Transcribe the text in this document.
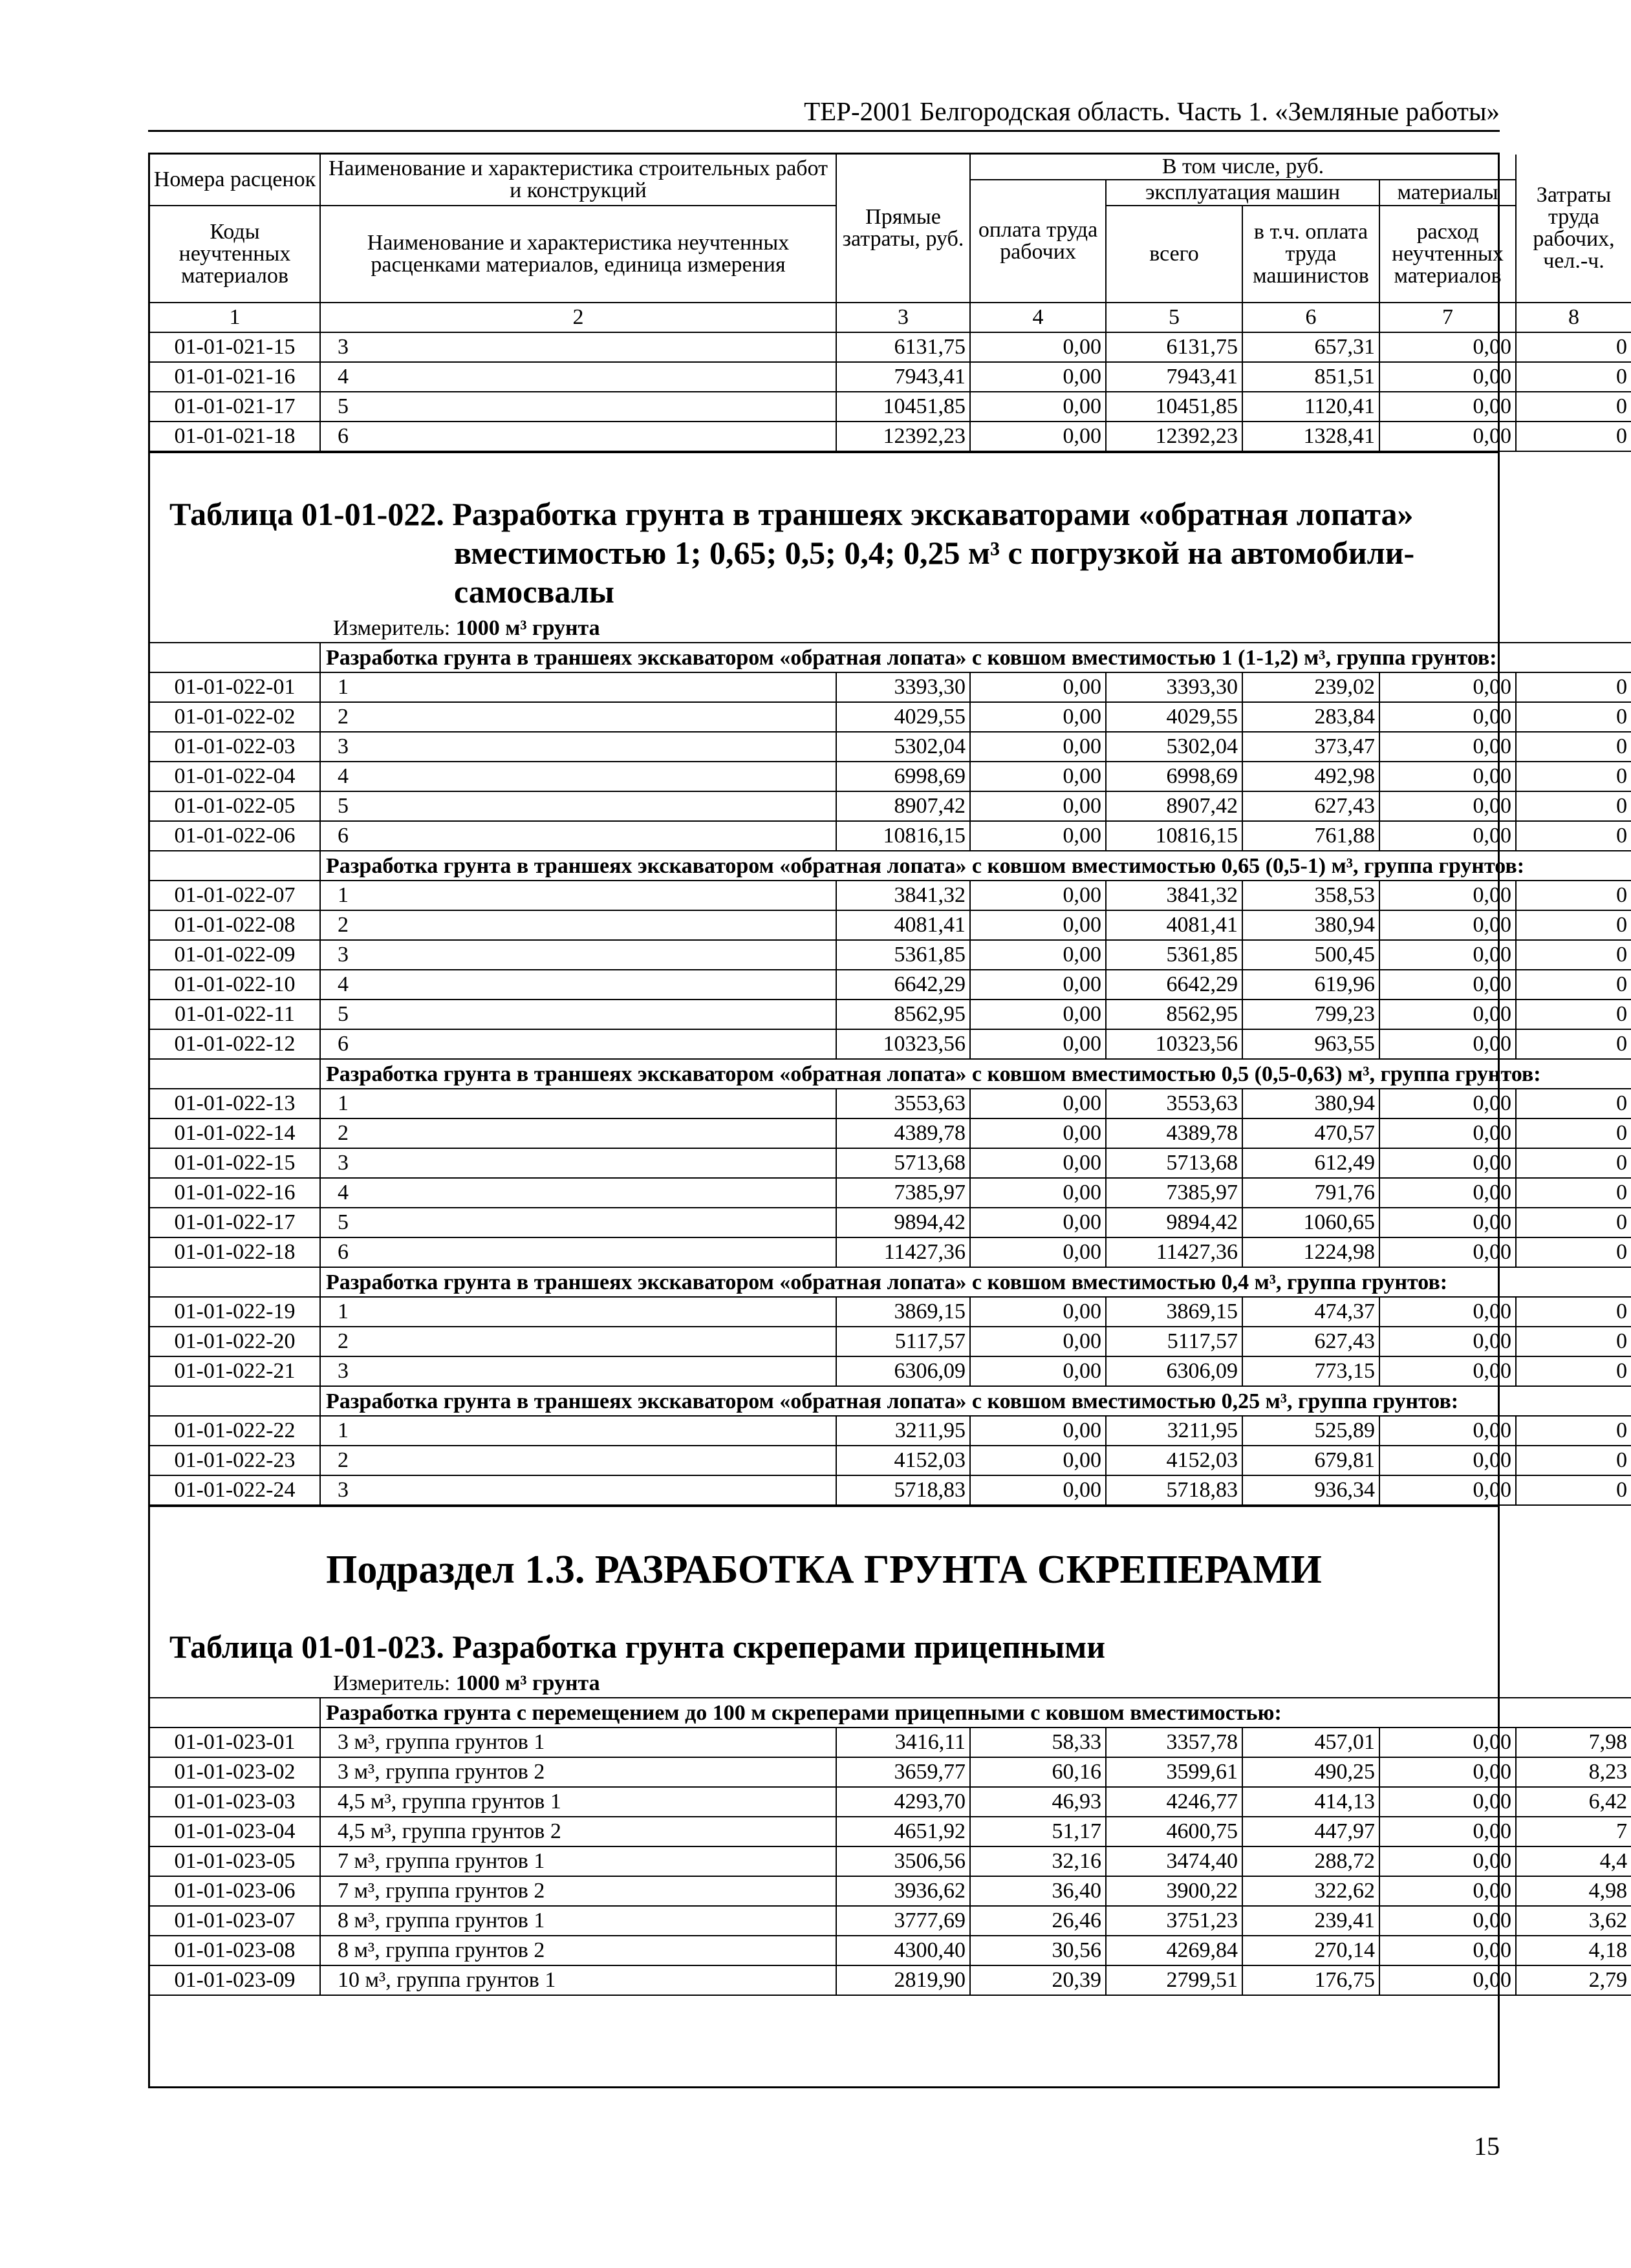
ТЕР-2001 Белгородская область. Часть 1. «Земляные работы»
Номера расценок	Наименование и характеристика строительных работ и конструкций	Прямые затраты, руб.	В том числе, руб.				Затраты труда рабочих, чел.-ч.
			оплата труда рабочих	эксплуатация машин		материалы	
Коды неучтенных материалов	Наименование и характеристика неучтенных расценками материалов, единица измерения			всего	в т.ч. оплата труда машинистов	расход неучтенных материалов	
1	2	3	4	5	6	7	8
01-01-021-15	3	6131,75	0,00	6131,75	657,31	0,00	0
01-01-021-16	4	7943,41	0,00	7943,41	851,51	0,00	0
01-01-021-17	5	10451,85	0,00	10451,85	1120,41	0,00	0
01-01-021-18	6	12392,23	0,00	12392,23	1328,41	0,00	0
Таблица 01-01-022. Разработка грунта в траншеях экскаваторами «обратная лопата»
вместимостью 1; 0,65; 0,5; 0,4; 0,25 м³ с погрузкой на автомобили-
самосвалы
Измеритель: 1000 м³ грунта
	Разработка грунта в траншеях экскаватором «обратная лопата» с ковшом вместимостью 1 (1-1,2) м³, группа грунтов:						
01-01-022-01	1	3393,30	0,00	3393,30	239,02	0,00	0
01-01-022-02	2	4029,55	0,00	4029,55	283,84	0,00	0
01-01-022-03	3	5302,04	0,00	5302,04	373,47	0,00	0
01-01-022-04	4	6998,69	0,00	6998,69	492,98	0,00	0
01-01-022-05	5	8907,42	0,00	8907,42	627,43	0,00	0
01-01-022-06	6	10816,15	0,00	10816,15	761,88	0,00	0
	Разработка грунта в траншеях экскаватором «обратная лопата» с ковшом вместимостью 0,65 (0,5-1) м³, группа грунтов:						
01-01-022-07	1	3841,32	0,00	3841,32	358,53	0,00	0
01-01-022-08	2	4081,41	0,00	4081,41	380,94	0,00	0
01-01-022-09	3	5361,85	0,00	5361,85	500,45	0,00	0
01-01-022-10	4	6642,29	0,00	6642,29	619,96	0,00	0
01-01-022-11	5	8562,95	0,00	8562,95	799,23	0,00	0
01-01-022-12	6	10323,56	0,00	10323,56	963,55	0,00	0
	Разработка грунта в траншеях экскаватором «обратная лопата» с ковшом вместимостью 0,5 (0,5-0,63) м³, группа грунтов:						
01-01-022-13	1	3553,63	0,00	3553,63	380,94	0,00	0
01-01-022-14	2	4389,78	0,00	4389,78	470,57	0,00	0
01-01-022-15	3	5713,68	0,00	5713,68	612,49	0,00	0
01-01-022-16	4	7385,97	0,00	7385,97	791,76	0,00	0
01-01-022-17	5	9894,42	0,00	9894,42	1060,65	0,00	0
01-01-022-18	6	11427,36	0,00	11427,36	1224,98	0,00	0
	Разработка грунта в траншеях экскаватором «обратная лопата» с ковшом вместимостью 0,4 м³, группа грунтов:						
01-01-022-19	1	3869,15	0,00	3869,15	474,37	0,00	0
01-01-022-20	2	5117,57	0,00	5117,57	627,43	0,00	0
01-01-022-21	3	6306,09	0,00	6306,09	773,15	0,00	0
	Разработка грунта в траншеях экскаватором «обратная лопата» с ковшом вместимостью 0,25 м³, группа грунтов:						
01-01-022-22	1	3211,95	0,00	3211,95	525,89	0,00	0
01-01-022-23	2	4152,03	0,00	4152,03	679,81	0,00	0
01-01-022-24	3	5718,83	0,00	5718,83	936,34	0,00	0
Подраздел 1.3. РАЗРАБОТКА ГРУНТА СКРЕПЕРАМИ
Таблица 01-01-023. Разработка грунта скреперами прицепными
Измеритель: 1000 м³ грунта
	Разработка грунта с перемещением до 100 м скреперами прицепными с ковшом вместимостью:						
01-01-023-01	3 м³, группа грунтов 1	3416,11	58,33	3357,78	457,01	0,00	7,98
01-01-023-02	3 м³, группа грунтов 2	3659,77	60,16	3599,61	490,25	0,00	8,23
01-01-023-03	4,5 м³, группа грунтов 1	4293,70	46,93	4246,77	414,13	0,00	6,42
01-01-023-04	4,5 м³, группа грунтов 2	4651,92	51,17	4600,75	447,97	0,00	7
01-01-023-05	7 м³, группа грунтов 1	3506,56	32,16	3474,40	288,72	0,00	4,4
01-01-023-06	7 м³, группа грунтов 2	3936,62	36,40	3900,22	322,62	0,00	4,98
01-01-023-07	8 м³, группа грунтов 1	3777,69	26,46	3751,23	239,41	0,00	3,62
01-01-023-08	8 м³, группа грунтов 2	4300,40	30,56	4269,84	270,14	0,00	4,18
01-01-023-09	10 м³, группа грунтов 1	2819,90	20,39	2799,51	176,75	0,00	2,79
15
